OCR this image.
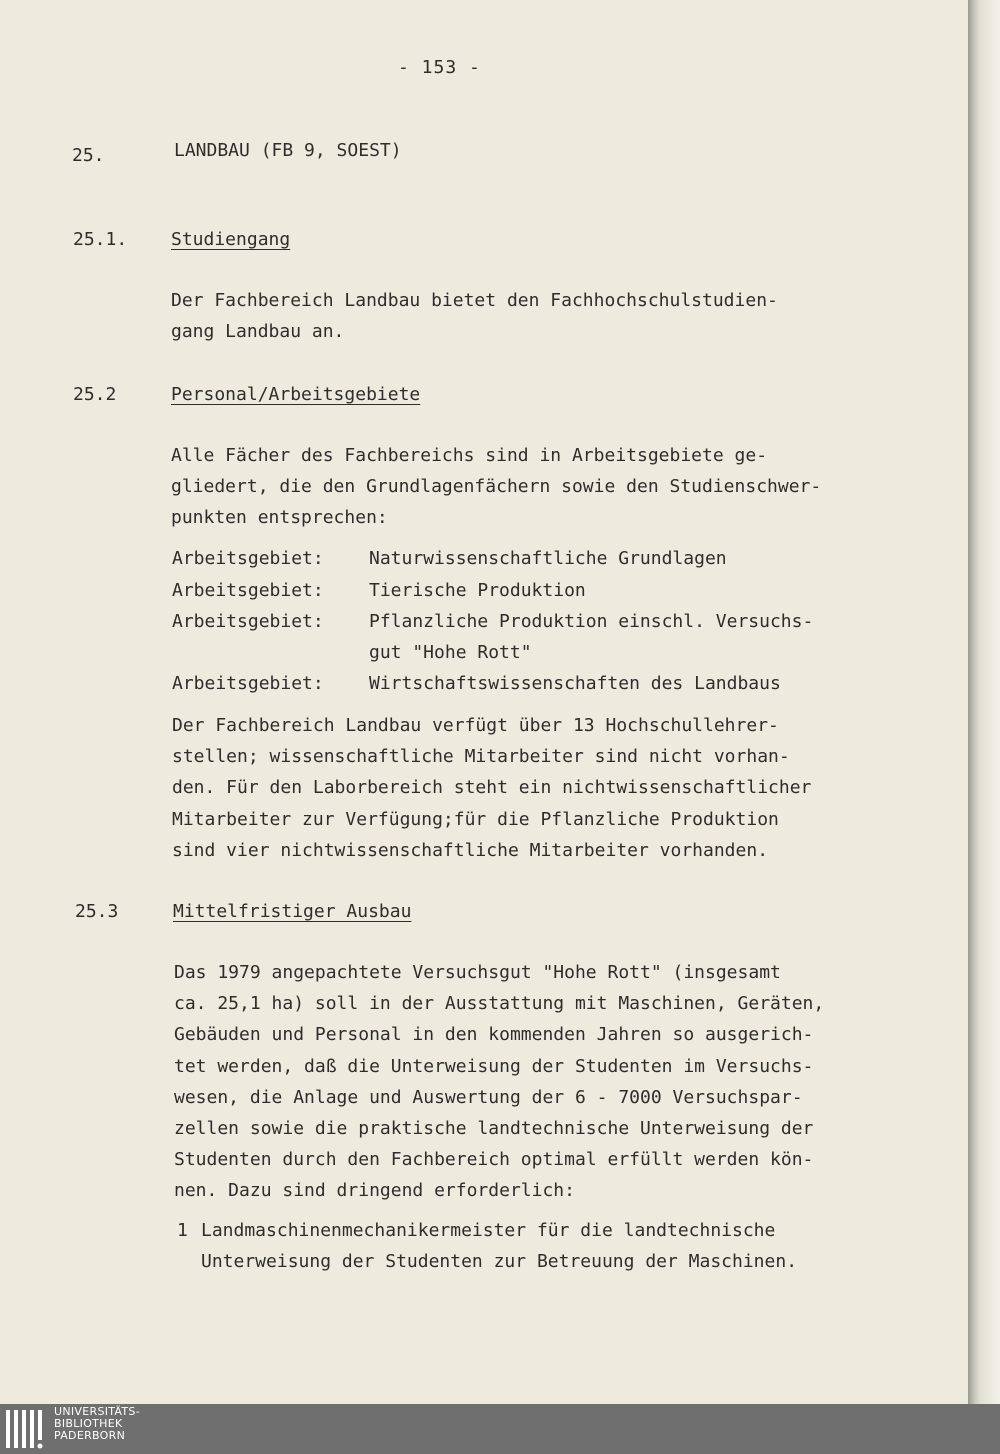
- 153 -
25.	LANDBAU (FB 9, SOEST)
25.1. Studiengang
Der Fachbereich Landbau bietet den Fachhochschulstudien-
gang Landbau an.
25.2	Personal/Arbeitsgebiete
Alle Fächer des Fachbereichs sind in Arbeitsgebiete ge-
gliedert, die den Grundlagenfächern sowie den Studienschwer-
punkten entsprechen:
Arbeitsgebiet:	Naturwissenschaftliche Grundlagen
Arbeitsgebiet:	Tierische Produktion
Arbeitsgebiet:	Pflanzliche Produktion einschl. Versuchs-
gut "Hohe Rott"
Arbeitsgebiet:	Wirtschaftswissenschaften des Landbaus
Der Fachbereich Landbau verfügt über 13 Hochschullehrer-
stellen; wissenschaftliche Mitarbeiter sind nicht vorhan-
den. Für den Laborbereich steht ein nichtwissenschaftlicher
Mitarbeiter zur Verfügung;für die Pflanzliche Produktion
sind vier nichtwissenschaftliche Mitarbeiter vorhanden.
25.3	Mittelfristiger Ausbau
Das 1979 angepachtete Versuchsgut "Hohe Rott" (insgesamt
ca. 25,1 ha) soll in der Ausstattung mit Maschinen, Geräten,
Gebäuden und Personal in den kommenden Jahren so ausgerich-
tet werden, daß die Unterweisung der Studenten im Versuchs-
wesen, die Anlage und Auswertung der 6 - 7000 Versuchspar-
zellen sowie die praktische landtechnische Unterweisung der
Studenten durch den Fachbereich optimal erfüllt werden kön-
nen. Dazu sind dringend erforderlich:
1 Landmaschinenmechanikermeister für die landtechnische
Unterweisung der Studenten zur Betreuung der Maschinen.
UNIVERSITÄTS-
BIBLIOTHEK
PADERBORN
